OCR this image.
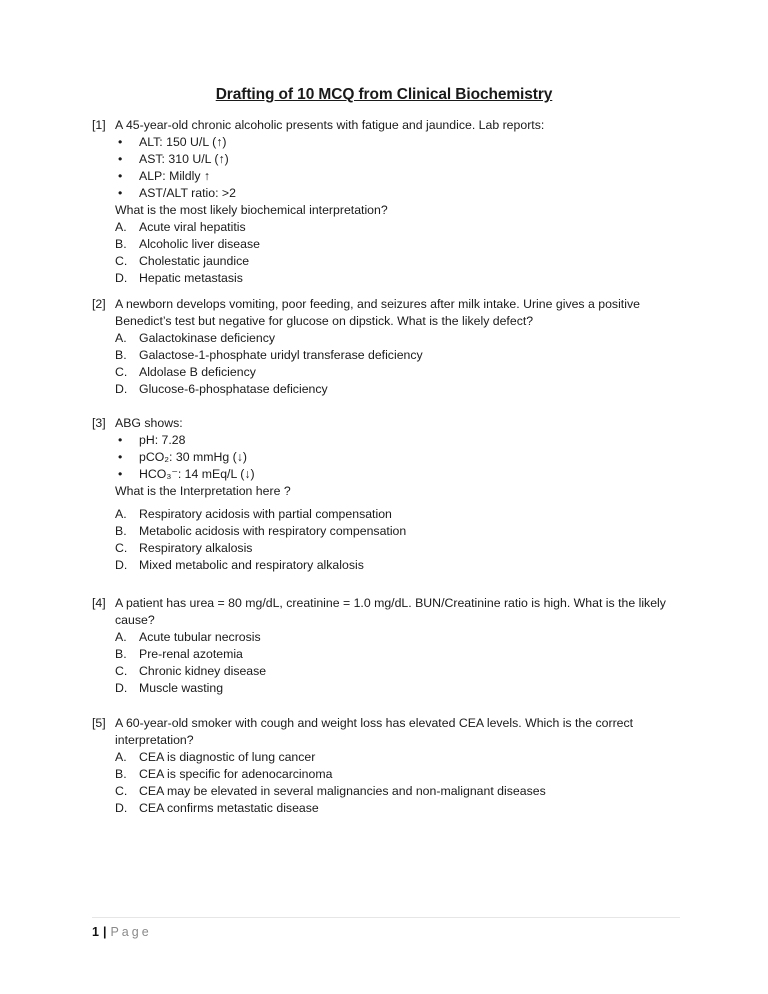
Drafting of 10 MCQ from Clinical Biochemistry
[1] A 45-year-old chronic alcoholic presents with fatigue and jaundice. Lab reports:
•	ALT: 150 U/L (↑)
•	AST: 310 U/L (↑)
•	ALP: Mildly ↑
•	AST/ALT ratio: >2
What is the most likely biochemical interpretation?
A.	Acute viral hepatitis
B.	Alcoholic liver disease
C. Cholestatic jaundice
D. Hepatic metastasis
[2] A newborn develops vomiting, poor feeding, and seizures after milk intake. Urine gives a positive Benedict’s test but negative for glucose on dipstick. What is the likely defect?
A.	Galactokinase deficiency
B.	Galactose-1-phosphate uridyl transferase deficiency
C. Aldolase B deficiency
D. Glucose-6-phosphatase deficiency
[3] ABG shows:
•	pH: 7.28
•	pCO₂: 30 mmHg (↓)
•	HCO₃⁻: 14 mEq/L (↓)
What is the Interpretation here ?
A.	Respiratory acidosis with partial compensation
B.	Metabolic acidosis with respiratory compensation
C. Respiratory alkalosis
D. Mixed metabolic and respiratory alkalosis
[4] A patient has urea = 80 mg/dL, creatinine = 1.0 mg/dL. BUN/Creatinine ratio is high. What is the likely cause?
A.	Acute tubular necrosis
B.	Pre-renal azotemia
C. Chronic kidney disease
D. Muscle wasting
[5] A 60-year-old smoker with cough and weight loss has elevated CEA levels. Which is the correct interpretation?
A.	CEA is diagnostic of lung cancer
B.	CEA is specific for adenocarcinoma
C. CEA may be elevated in several malignancies and non-malignant diseases
D. CEA confirms metastatic disease
1 | Page
